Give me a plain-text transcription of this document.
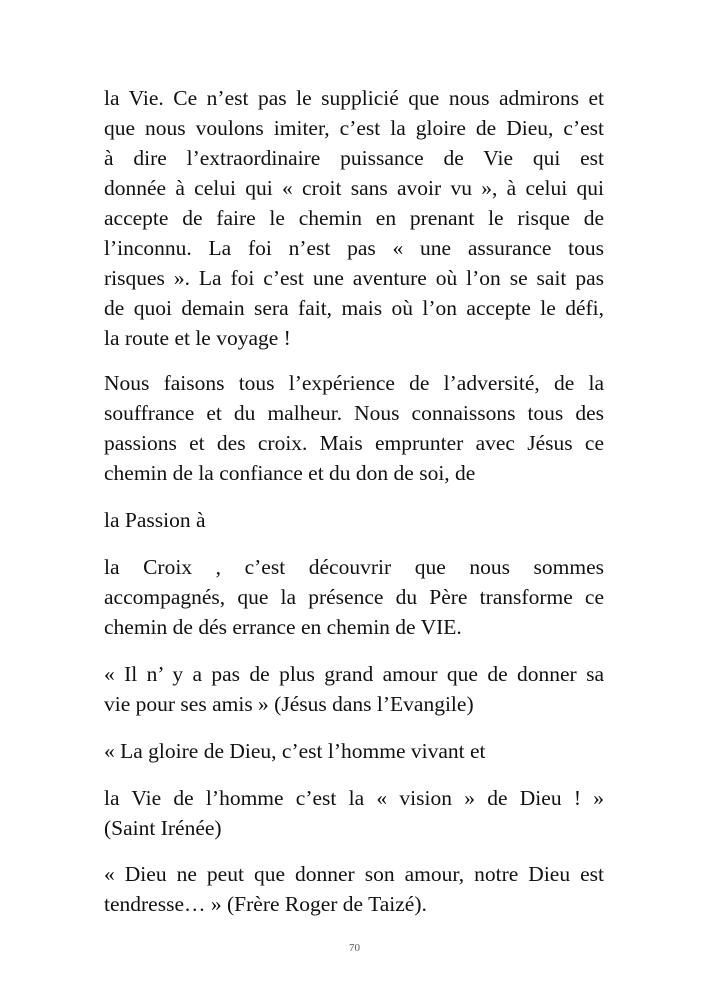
la Vie. Ce n’est pas le supplicié que nous admirons et
que nous voulons imiter, c’est la gloire de Dieu, c’est
à dire l’extraordinaire puissance de Vie qui est
donnée à celui qui « croit sans avoir vu », à celui qui
accepte de faire le chemin en prenant le risque de
l’inconnu. La foi n’est pas « une assurance tous
risques ». La foi c’est une aventure où l’on se sait pas
de quoi demain sera fait, mais où l’on accepte le défi,
la route et le voyage !
Nous faisons tous l’expérience de l’adversité, de la
souffrance et du malheur. Nous connaissons tous des
passions et des croix. Mais emprunter avec Jésus ce
chemin de la confiance et du don de soi, de
la Passion à
la Croix , c’est découvrir que nous sommes
accompagnés, que la présence du Père transforme ce
chemin de dés errance en chemin de VIE.
« Il n’ y a pas de plus grand amour que de donner sa
vie pour ses amis » (Jésus dans l’Evangile)
« La gloire de Dieu, c’est l’homme vivant et
la Vie de l’homme c’est la « vision » de Dieu ! »
(Saint Irénée)
« Dieu ne peut que donner son amour, notre Dieu est
tendresse… » (Frère Roger de Taizé).
70
